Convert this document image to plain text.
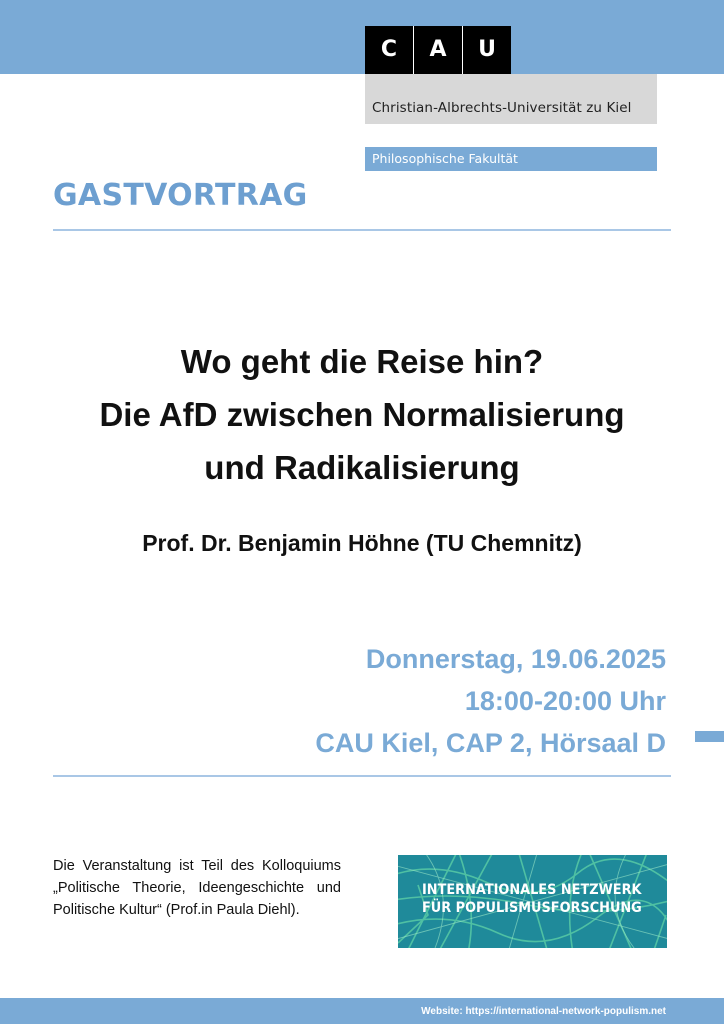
C	A	U
Christian-Albrechts-Universität zu Kiel
Philosophische Fakultät
GASTVORTRAG
Wo geht die Reise hin?
Die AfD zwischen Normalisierung
und Radikalisierung
Prof. Dr. Benjamin Höhne (TU Chemnitz)
Donnerstag, 19.06.2025
18:00-20:00 Uhr
CAU Kiel, CAP 2, Hörsaal D
Die Veranstaltung ist Teil des Kolloquiums „Politische Theorie, Ideengeschichte und Politische Kultur“ (Prof.in Paula Diehl).
INTERNATIONALES NETZWERK
FÜR POPULISMUSFORSCHUNG
Website: https://international-network-populism.net
